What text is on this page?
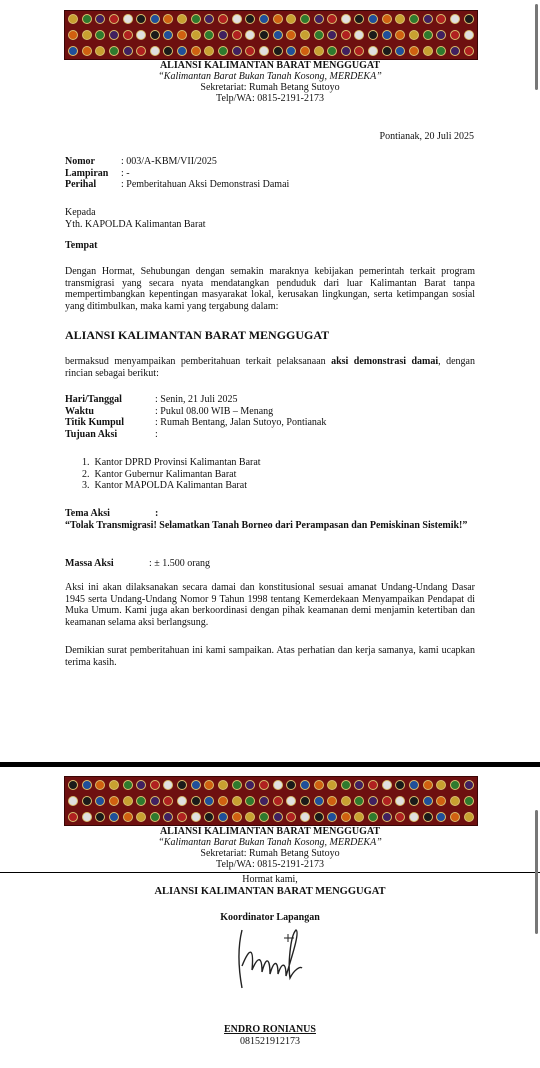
ALIANSI KALIMANTAN BARAT MENGGUGAT
“Kalimantan Barat Bukan Tanah Kosong, MERDEKA”
Sekretariat: Rumah Betang Sutoyo
Telp/WA: 0815-2191-2173
Pontianak, 20 Juli 2025
Nomor	: 003/A-KBM/VII/2025
Lampiran : -
Perihal : Pemberitahuan Aksi Demonstrasi Damai
Kepada
Yth. KAPOLDA Kalimantan Barat
Tempat
Dengan Hormat, Sehubungan dengan semakin maraknya kebijakan pemerintah terkait program transmigrasi yang secara nyata mendatangkan penduduk dari luar Kalimantan Barat tanpa mempertimbangkan kepentingan masyarakat lokal, kerusakan lingkungan, serta ketimpangan sosial yang ditimbulkan, maka kami yang tergabung dalam:
ALIANSI KALIMANTAN BARAT MENGGUGAT
bermaksud menyampaikan pemberitahuan terkait pelaksanaan aksi demonstrasi damai, dengan rincian sebagai berikut:
Hari/Tanggal	: Senin, 21 Juli 2025
Waktu	: Pukul 08.00 WIB – Menang
Titik Kumpul	: Rumah Bentang, Jalan Sutoyo, Pontianak
Tujuan Aksi	:
1.  Kantor DPRD Provinsi Kalimantan Barat
2.  Kantor Gubernur Kalimantan Barat
3.  Kantor MAPOLDA Kalimantan Barat
Tema Aksi	:
“Tolak Transmigrasi! Selamatkan Tanah Borneo dari Perampasan dan Pemiskinan Sistemik!”
Massa Aksi	: ± 1.500 orang
Aksi ini akan dilaksanakan secara damai dan konstitusional sesuai amanat Undang-Undang Dasar 1945 serta Undang-Undang Nomor 9 Tahun 1998 tentang Kemerdekaan Menyampaikan Pendapat di Muka Umum. Kami juga akan berkoordinasi dengan pihak keamanan demi menjamin ketertiban dan keamanan selama aksi berlangsung.
Demikian surat pemberitahuan ini kami sampaikan. Atas perhatian dan kerja samanya, kami ucapkan terima kasih.
ALIANSI KALIMANTAN BARAT MENGGUGAT
“Kalimantan Barat Bukan Tanah Kosong, MERDEKA”
Sekretariat: Rumah Betang Sutoyo
Telp/WA: 0815-2191-2173
Hormat kami,
ALIANSI KALIMANTAN BARAT MENGGUGAT
Koordinator Lapangan
ENDRO RONIANUS
081521912173
